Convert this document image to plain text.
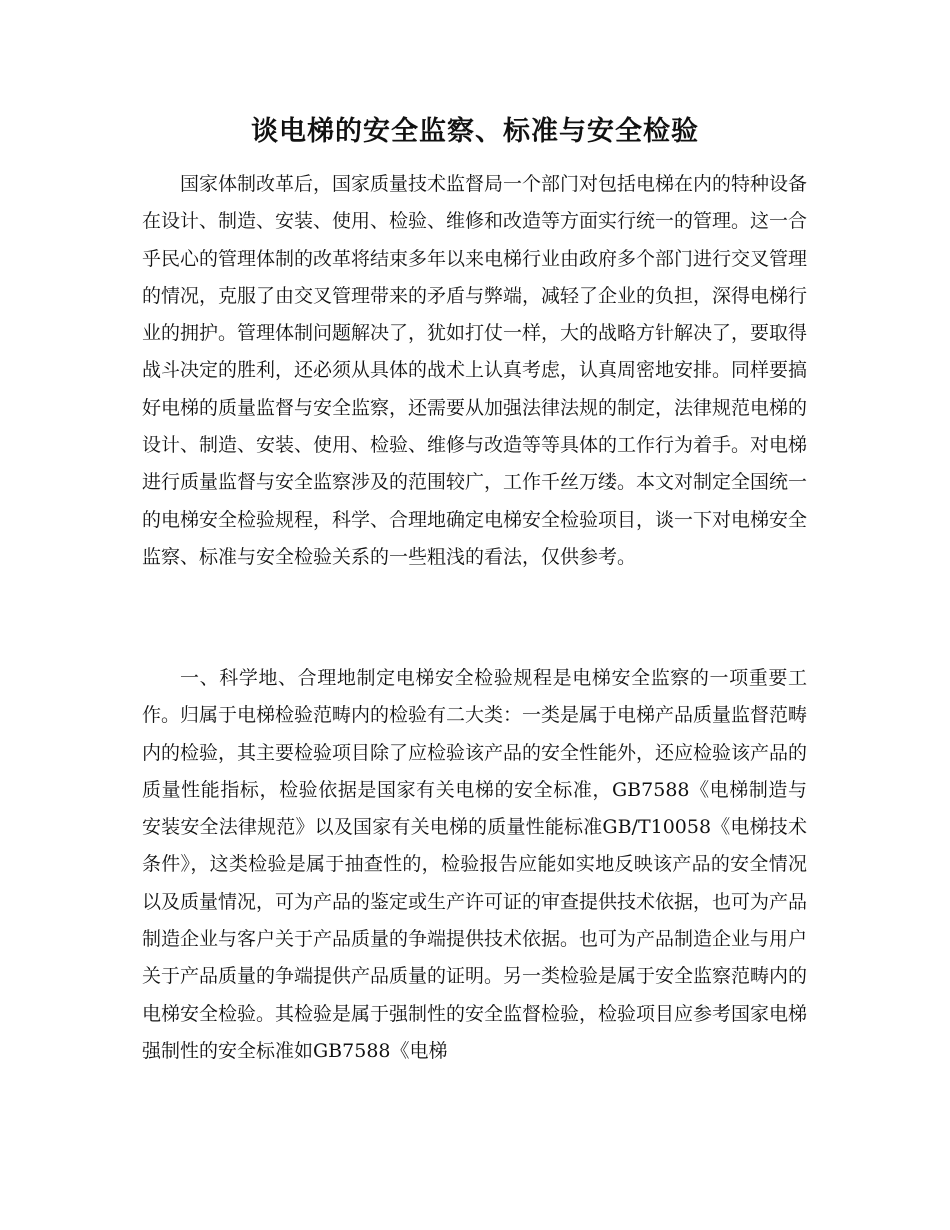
谈电梯的安全监察、标准与安全检验

国家体制改革后，国家质量技术监督局一个部门对包括电梯在内的特种设备在设计、制造、安装、使用、检验、维修和改造等方面实行统一的管理。这一合乎民心的管理体制的改革将结束多年以来电梯行业由政府多个部门进行交叉管理的情况，克服了由交叉管理带来的矛盾与弊端，减轻了企业的负担，深得电梯行业的拥护。管理体制问题解决了，犹如打仗一样，大的战略方针解决了，要取得战斗决定的胜利，还必须从具体的战术上认真考虑，认真周密地安排。同样要搞好电梯的质量监督与安全监察，还需要从加强法律法规的制定，法律规范电梯的设计、制造、安装、使用、检验、维修与改造等等具体的工作行为着手。对电梯进行质量监督与安全监察涉及的范围较广，工作千丝万缕。本文对制定全国统一的电梯安全检验规程，科学、合理地确定电梯安全检验项目，谈一下对电梯安全监察、标准与安全检验关系的一些粗浅的看法，仅供参考。

一、科学地、合理地制定电梯安全检验规程是电梯安全监察的一项重要工作。归属于电梯检验范畴内的检验有二大类：一类是属于电梯产品质量监督范畴内的检验，其主要检验项目除了应检验该产品的安全性能外，还应检验该产品的质量性能指标，检验依据是国家有关电梯的安全标准，GB7588《电梯制造与安装安全法律规范》以及国家有关电梯的质量性能标准GB/T10058《电梯技术条件》，这类检验是属于抽查性的，检验报告应能如实地反映该产品的安全情况以及质量情况，可为产品的鉴定或生产许可证的审查提供技术依据，也可为产品制造企业与客户关于产品质量的争端提供技术依据。也可为产品制造企业与用户关于产品质量的争端提供产品质量的证明。另一类检验是属于安全监察范畴内的电梯安全检验。其检验是属于强制性的安全监督检验，检验项目应参考国家电梯强制性的安全标准如GB7588《电梯
